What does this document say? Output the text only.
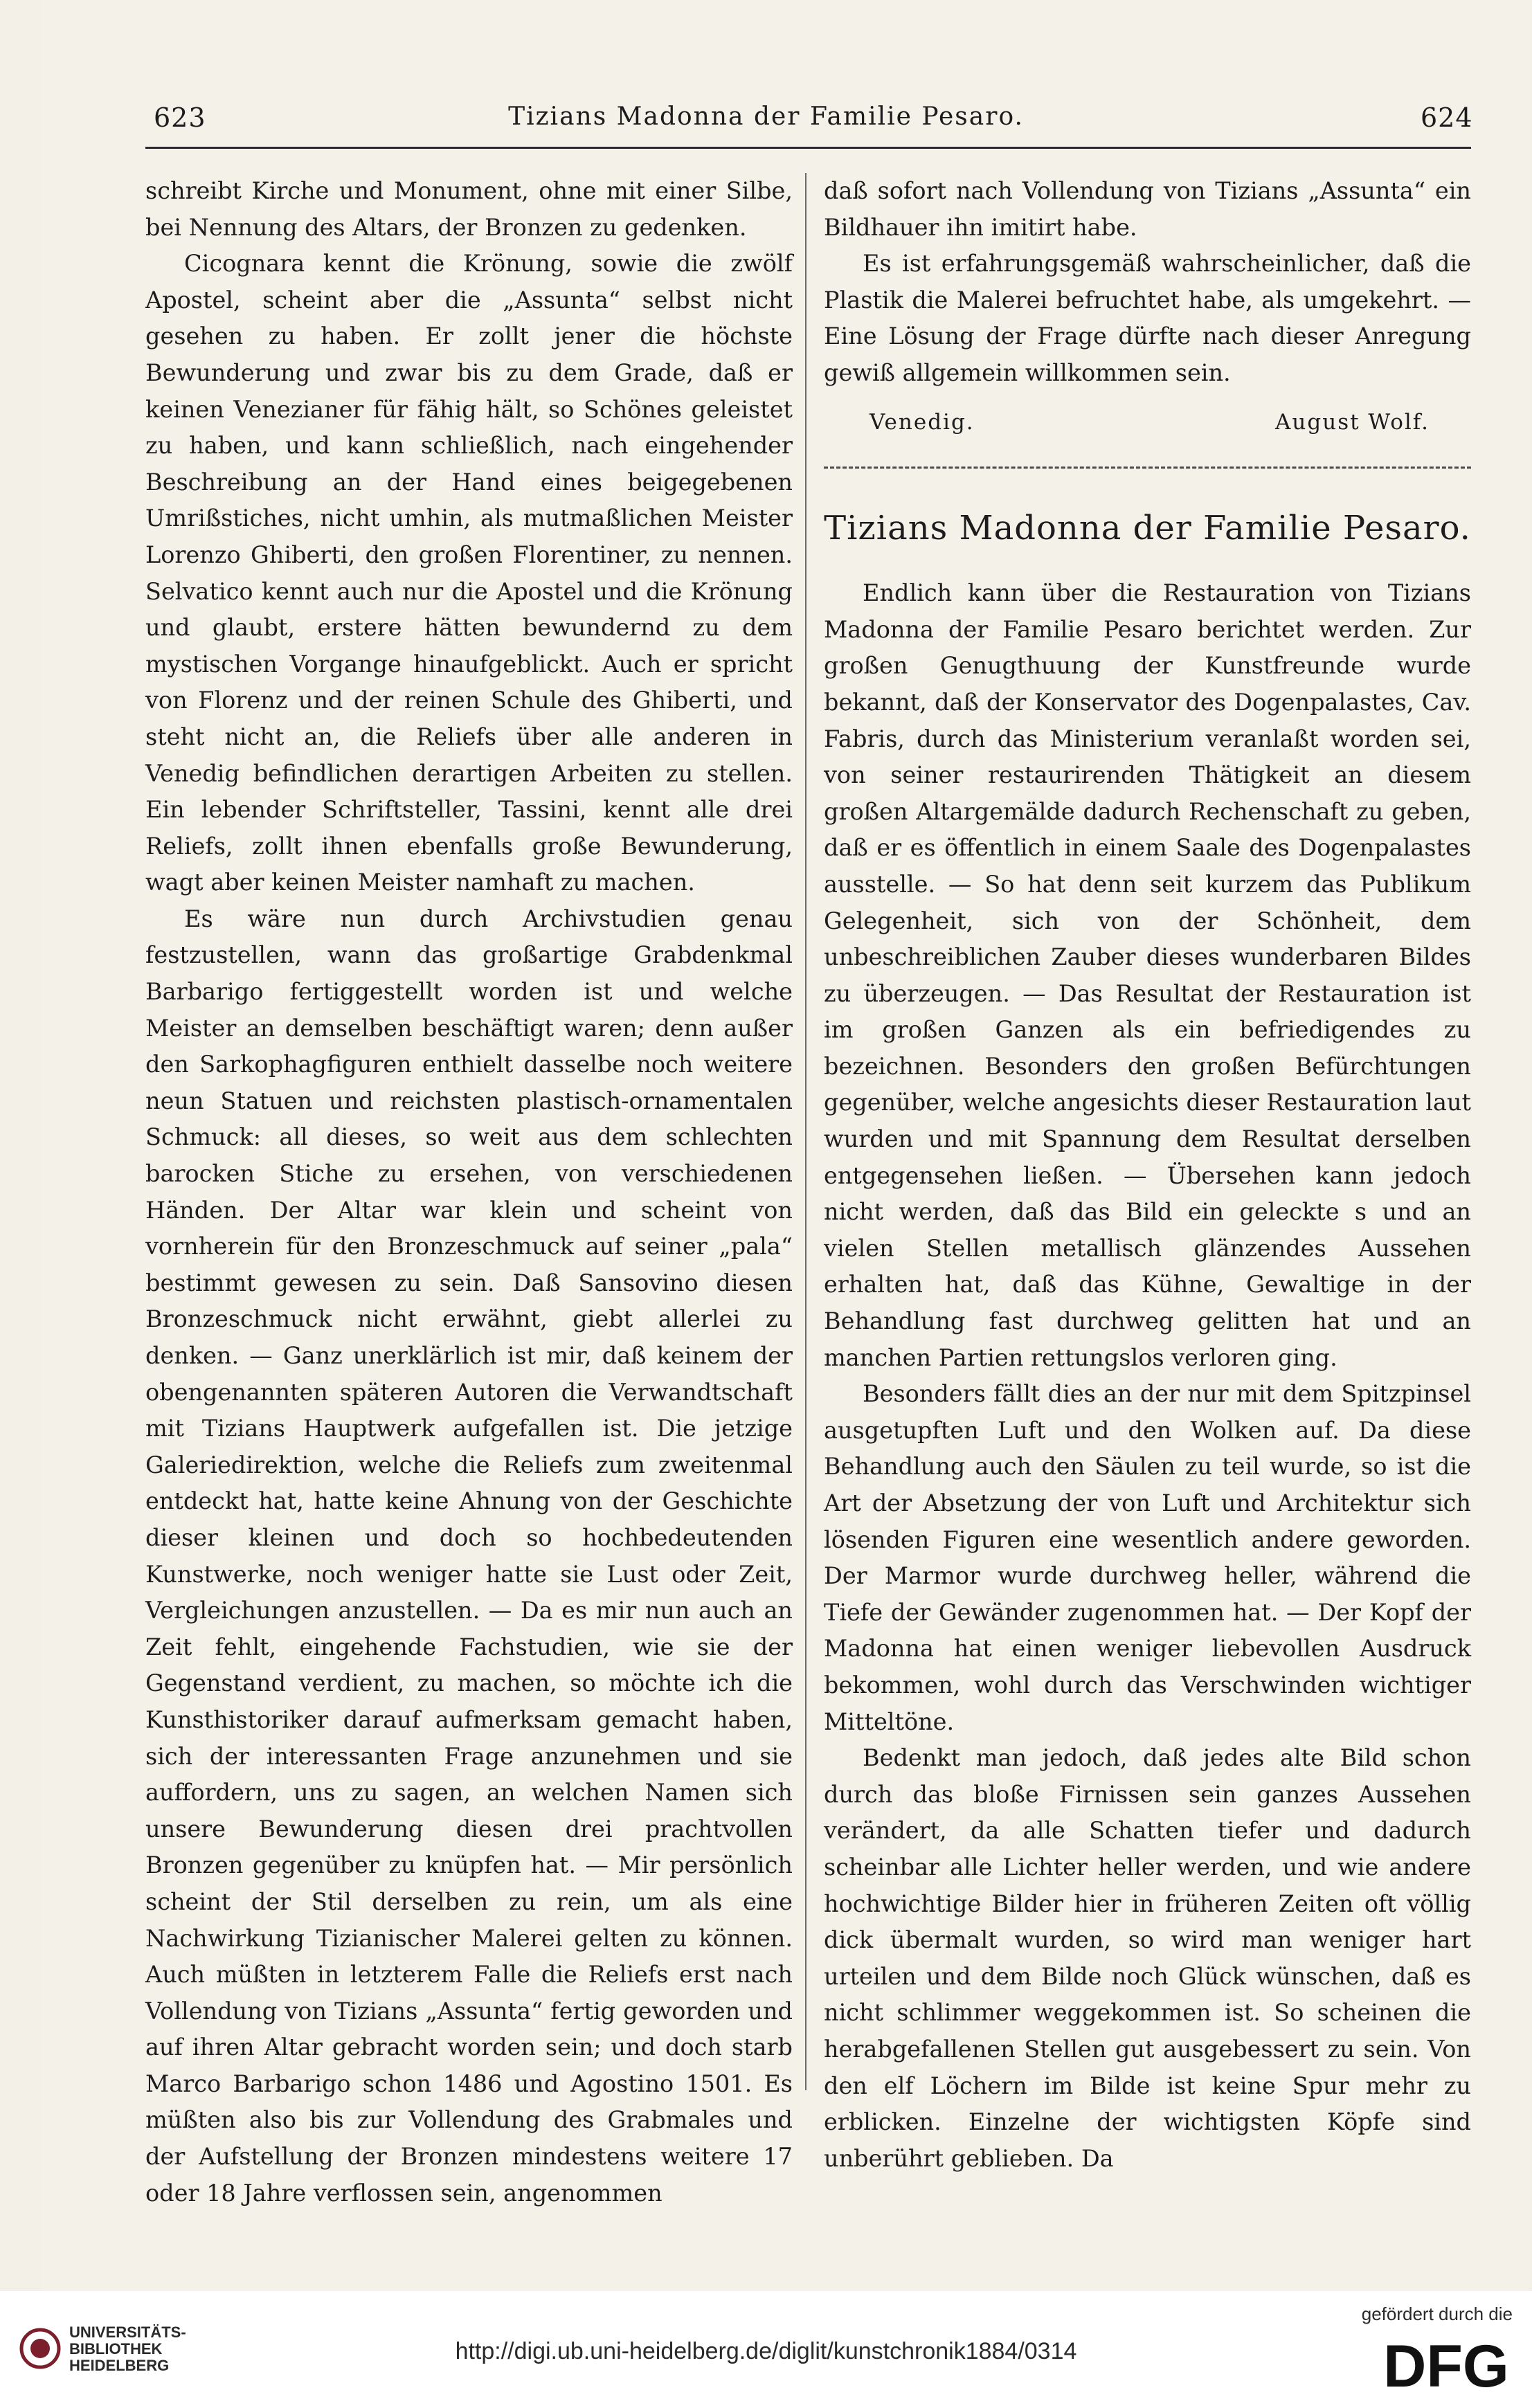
623	Tizians Madonna der Familie Pesaro.	624

schreibt Kirche und Monument, ohne mit einer Silbe, bei Nennung des Altars, der Bronzen zu gedenken.

Cicognara kennt die Krönung, sowie die zwölf Apostel, scheint aber die „Assunta“ selbst nicht gesehen zu haben. Er zollt jener die höchste Bewunderung und zwar bis zu dem Grade, daß er keinen Venezianer für fähig hält, so Schönes geleistet zu haben, und kann schließlich, nach eingehender Beschreibung an der Hand eines beigegebenen Umrißstiches, nicht umhin, als mutmaßlichen Meister Lorenzo Ghiberti, den großen Florentiner, zu nennen. Selvatico kennt auch nur die Apostel und die Krönung und glaubt, erstere hätten bewundernd zu dem mystischen Vorgange hinaufgeblickt. Auch er spricht von Florenz und der reinen Schule des Ghiberti, und steht nicht an, die Reliefs über alle anderen in Venedig befindlichen derartigen Arbeiten zu stellen. Ein lebender Schriftsteller, Tassini, kennt alle drei Reliefs, zollt ihnen ebenfalls große Bewunderung, wagt aber keinen Meister namhaft zu machen.

Es wäre nun durch Archivstudien genau festzustellen, wann das großartige Grabdenkmal Barbarigo fertiggestellt worden ist und welche Meister an demselben beschäftigt waren; denn außer den Sarkophagfiguren enthielt dasselbe noch weitere neun Statuen und reichsten plastisch-ornamentalen Schmuck: all dieses, so weit aus dem schlechten barocken Stiche zu ersehen, von verschiedenen Händen. Der Altar war klein und scheint von vornherein für den Bronzeschmuck auf seiner „pala“ bestimmt gewesen zu sein. Daß Sansovino diesen Bronzeschmuck nicht erwähnt, giebt allerlei zu denken. — Ganz unerklärlich ist mir, daß keinem der obengenannten späteren Autoren die Verwandtschaft mit Tizians Hauptwerk aufgefallen ist. Die jetzige Galeriedirektion, welche die Reliefs zum zweitenmal entdeckt hat, hatte keine Ahnung von der Geschichte dieser kleinen und doch so hochbedeutenden Kunstwerke, noch weniger hatte sie Lust oder Zeit, Vergleichungen anzustellen. — Da es mir nun auch an Zeit fehlt, eingehende Fachstudien, wie sie der Gegenstand verdient, zu machen, so möchte ich die Kunsthistoriker darauf aufmerksam gemacht haben, sich der interessanten Frage anzunehmen und sie auffordern, uns zu sagen, an welchen Namen sich unsere Bewunderung diesen drei prachtvollen Bronzen gegenüber zu knüpfen hat. — Mir persönlich scheint der Stil derselben zu rein, um als eine Nachwirkung Tizianischer Malerei gelten zu können. Auch müßten in letzterem Falle die Reliefs erst nach Vollendung von Tizians „Assunta“ fertig geworden und auf ihren Altar gebracht worden sein; und doch starb Marco Barbarigo schon 1486 und Agostino 1501. Es müßten also bis zur Vollendung des Grabmales und der Aufstellung der Bronzen mindestens weitere 17 oder 18 Jahre verflossen sein, angenommen

daß sofort nach Vollendung von Tizians „Assunta“ ein Bildhauer ihn imitirt habe.

Es ist erfahrungsgemäß wahrscheinlicher, daß die Plastik die Malerei befruchtet habe, als umgekehrt. — Eine Lösung der Frage dürfte nach dieser Anregung gewiß allgemein willkommen sein.

Venedig.	August Wolf.
Tizians Madonna der Familie Pesaro.

Endlich kann über die Restauration von Tizians Madonna der Familie Pesaro berichtet werden. Zur großen Genugthuung der Kunstfreunde wurde bekannt, daß der Konservator des Dogenpalastes, Cav. Fabris, durch das Ministerium veranlaßt worden sei, von seiner restaurirenden Thätigkeit an diesem großen Altargemälde dadurch Rechenschaft zu geben, daß er es öffentlich in einem Saale des Dogenpalastes ausstelle. — So hat denn seit kurzem das Publikum Gelegenheit, sich von der Schönheit, dem unbeschreiblichen Zauber dieses wunderbaren Bildes zu überzeugen. — Das Resultat der Restauration ist im großen Ganzen als ein befriedigendes zu bezeichnen. Besonders den großen Befürchtungen gegenüber, welche angesichts dieser Restauration laut wurden und mit Spannung dem Resultat derselben entgegensehen ließen. — Übersehen kann jedoch nicht werden, daß das Bild ein geleckte s und an vielen Stellen metallisch glänzendes Aussehen erhalten hat, daß das Kühne, Gewaltige in der Behandlung fast durchweg gelitten hat und an manchen Partien rettungslos verloren ging.

Besonders fällt dies an der nur mit dem Spitzpinsel ausgetupften Luft und den Wolken auf. Da diese Behandlung auch den Säulen zu teil wurde, so ist die Art der Absetzung der von Luft und Architektur sich lösenden Figuren eine wesentlich andere geworden. Der Marmor wurde durchweg heller, während die Tiefe der Gewänder zugenommen hat. — Der Kopf der Madonna hat einen weniger liebevollen Ausdruck bekommen, wohl durch das Verschwinden wichtiger Mitteltöne.

Bedenkt man jedoch, daß jedes alte Bild schon durch das bloße Firnissen sein ganzes Aussehen verändert, da alle Schatten tiefer und dadurch scheinbar alle Lichter heller werden, und wie andere hochwichtige Bilder hier in früheren Zeiten oft völlig dick übermalt wurden, so wird man weniger hart urteilen und dem Bilde noch Glück wünschen, daß es nicht schlimmer weggekommen ist. So scheinen die herabgefallenen Stellen gut ausgebessert zu sein. Von den elf Löchern im Bilde ist keine Spur mehr zu erblicken. Einzelne der wichtigsten Köpfe sind unberührt geblieben. Da

UNIVERSITÄTS-
BIBLIOTHEK
HEIDELBERG
http://digi.ub.uni-heidelberg.de/diglit/kunstchronik1884/0314
gefördert durch die
DFG
